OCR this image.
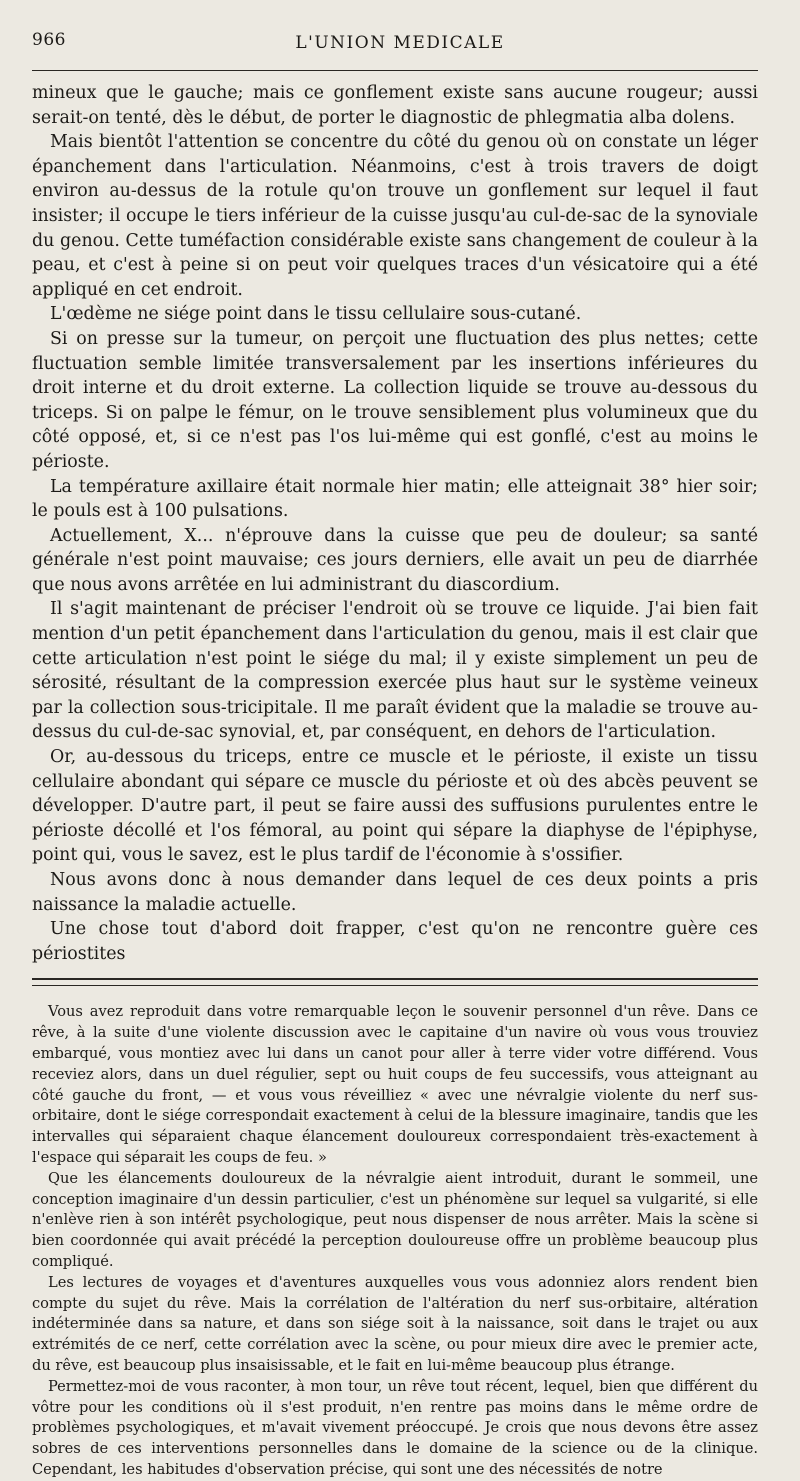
966	L'UNION MEDICALE

mineux que le gauche; mais ce gonflement existe sans aucune rougeur; aussi serait-on tenté, dès le début, de porter le diagnostic de phlegmatia alba dolens.

Mais bientôt l'attention se concentre du côté du genou où on constate un léger épanchement dans l'articulation. Néanmoins, c'est à trois travers de doigt environ au-dessus de la rotule qu'on trouve un gonflement sur lequel il faut insister; il occupe le tiers inférieur de la cuisse jusqu'au cul-de-sac de la synoviale du genou. Cette tuméfaction considérable existe sans changement de couleur à la peau, et c'est à peine si on peut voir quelques traces d'un vésicatoire qui a été appliqué en cet endroit.

L'œdème ne siége point dans le tissu cellulaire sous-cutané.

Si on presse sur la tumeur, on perçoit une fluctuation des plus nettes; cette fluctuation semble limitée transversalement par les insertions inférieures du droit interne et du droit externe. La collection liquide se trouve au-dessous du triceps. Si on palpe le fémur, on le trouve sensiblement plus volumineux que du côté opposé, et, si ce n'est pas l'os lui-même qui est gonflé, c'est au moins le périoste.

La température axillaire était normale hier matin; elle atteignait 38° hier soir; le pouls est à 100 pulsations.

Actuellement, X... n'éprouve dans la cuisse que peu de douleur; sa santé générale n'est point mauvaise; ces jours derniers, elle avait un peu de diarrhée que nous avons arrêtée en lui administrant du diascordium.

Il s'agit maintenant de préciser l'endroit où se trouve ce liquide. J'ai bien fait mention d'un petit épanchement dans l'articulation du genou, mais il est clair que cette articulation n'est point le siége du mal; il y existe simplement un peu de sérosité, résultant de la compression exercée plus haut sur le système veineux par la collection sous-tricipitale. Il me paraît évident que la maladie se trouve au-dessus du cul-de-sac synovial, et, par conséquent, en dehors de l'articulation.

Or, au-dessous du triceps, entre ce muscle et le périoste, il existe un tissu cellulaire abondant qui sépare ce muscle du périoste et où des abcès peuvent se développer. D'autre part, il peut se faire aussi des suffusions purulentes entre le périoste décollé et l'os fémoral, au point qui sépare la diaphyse de l'épiphyse, point qui, vous le savez, est le plus tardif de l'économie à s'ossifier.

Nous avons donc à nous demander dans lequel de ces deux points a pris naissance la maladie actuelle.

Une chose tout d'abord doit frapper, c'est qu'on ne rencontre guère ces périostites

Vous avez reproduit dans votre remarquable leçon le souvenir personnel d'un rêve. Dans ce rêve, à la suite d'une violente discussion avec le capitaine d'un navire où vous vous trouviez embarqué, vous montiez avec lui dans un canot pour aller à terre vider votre différend. Vous receviez alors, dans un duel régulier, sept ou huit coups de feu successifs, vous atteignant au côté gauche du front, — et vous vous réveilliez « avec une névralgie violente du nerf sus-orbitaire, dont le siége correspondait exactement à celui de la blessure imaginaire, tandis que les intervalles qui séparaient chaque élancement douloureux correspondaient très-exactement à l'espace qui séparait les coups de feu. »

Que les élancements douloureux de la névralgie aient introduit, durant le sommeil, une conception imaginaire d'un dessin particulier, c'est un phénomène sur lequel sa vulgarité, si elle n'enlève rien à son intérêt psychologique, peut nous dispenser de nous arrêter. Mais la scène si bien coordonnée qui avait précédé la perception douloureuse offre un problème beaucoup plus compliqué.

Les lectures de voyages et d'aventures auxquelles vous vous adonniez alors rendent bien compte du sujet du rêve. Mais la corrélation de l'altération du nerf sus-orbitaire, altération indéterminée dans sa nature, et dans son siége soit à la naissance, soit dans le trajet ou aux extrémités de ce nerf, cette corrélation avec la scène, ou pour mieux dire avec le premier acte, du rêve, est beaucoup plus insaisissable, et le fait en lui-même beaucoup plus étrange.

Permettez-moi de vous raconter, à mon tour, un rêve tout récent, lequel, bien que différent du vôtre pour les conditions où il s'est produit, n'en rentre pas moins dans le même ordre de problèmes psychologiques, et m'avait vivement préoccupé. Je crois que nous devons être assez sobres de ces interventions personnelles dans le domaine de la science ou de la clinique. Cependant, les habitudes d'observation précise, qui sont une des nécessités de notre
